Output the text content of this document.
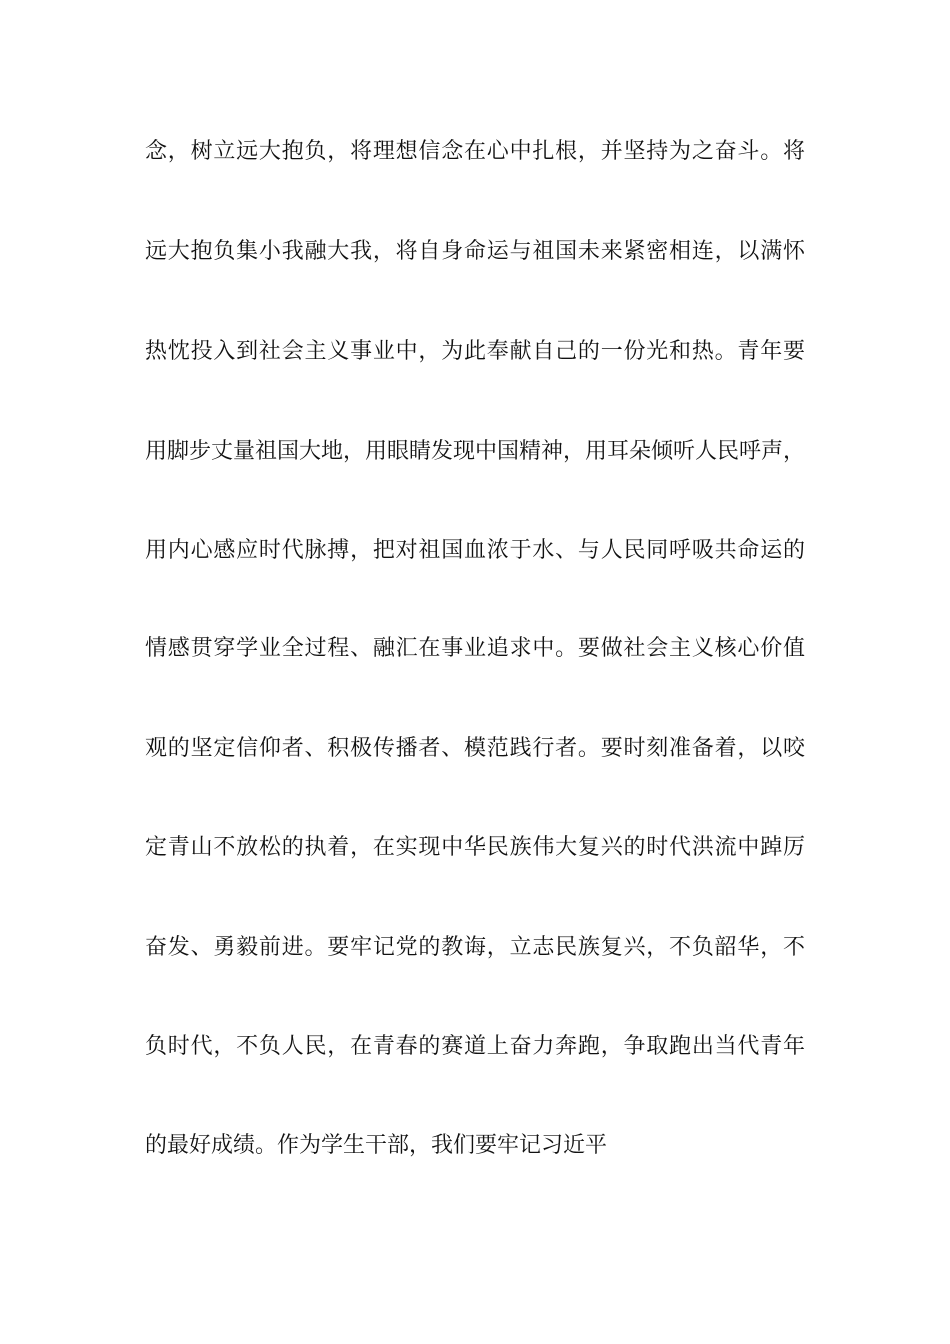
念，树立远大抱负，将理想信念在心中扎根，并坚持为之奋斗。将
远大抱负集小我融大我，将自身命运与祖国未来紧密相连，以满怀
热忱投入到社会主义事业中，为此奉献自己的一份光和热。青年要
用脚步丈量祖国大地，用眼睛发现中国精神，用耳朵倾听人民呼声，
用内心感应时代脉搏，把对祖国血浓于水、与人民同呼吸共命运的
情感贯穿学业全过程、融汇在事业追求中。要做社会主义核心价值
观的坚定信仰者、积极传播者、模范践行者。要时刻准备着，以咬
定青山不放松的执着，在实现中华民族伟大复兴的时代洪流中踔厉
奋发、勇毅前进。要牢记党的教诲，立志民族复兴，不负韶华，不
负时代，不负人民，在青春的赛道上奋力奔跑，争取跑出当代青年
的最好成绩。作为学生干部，我们要牢记习近平
